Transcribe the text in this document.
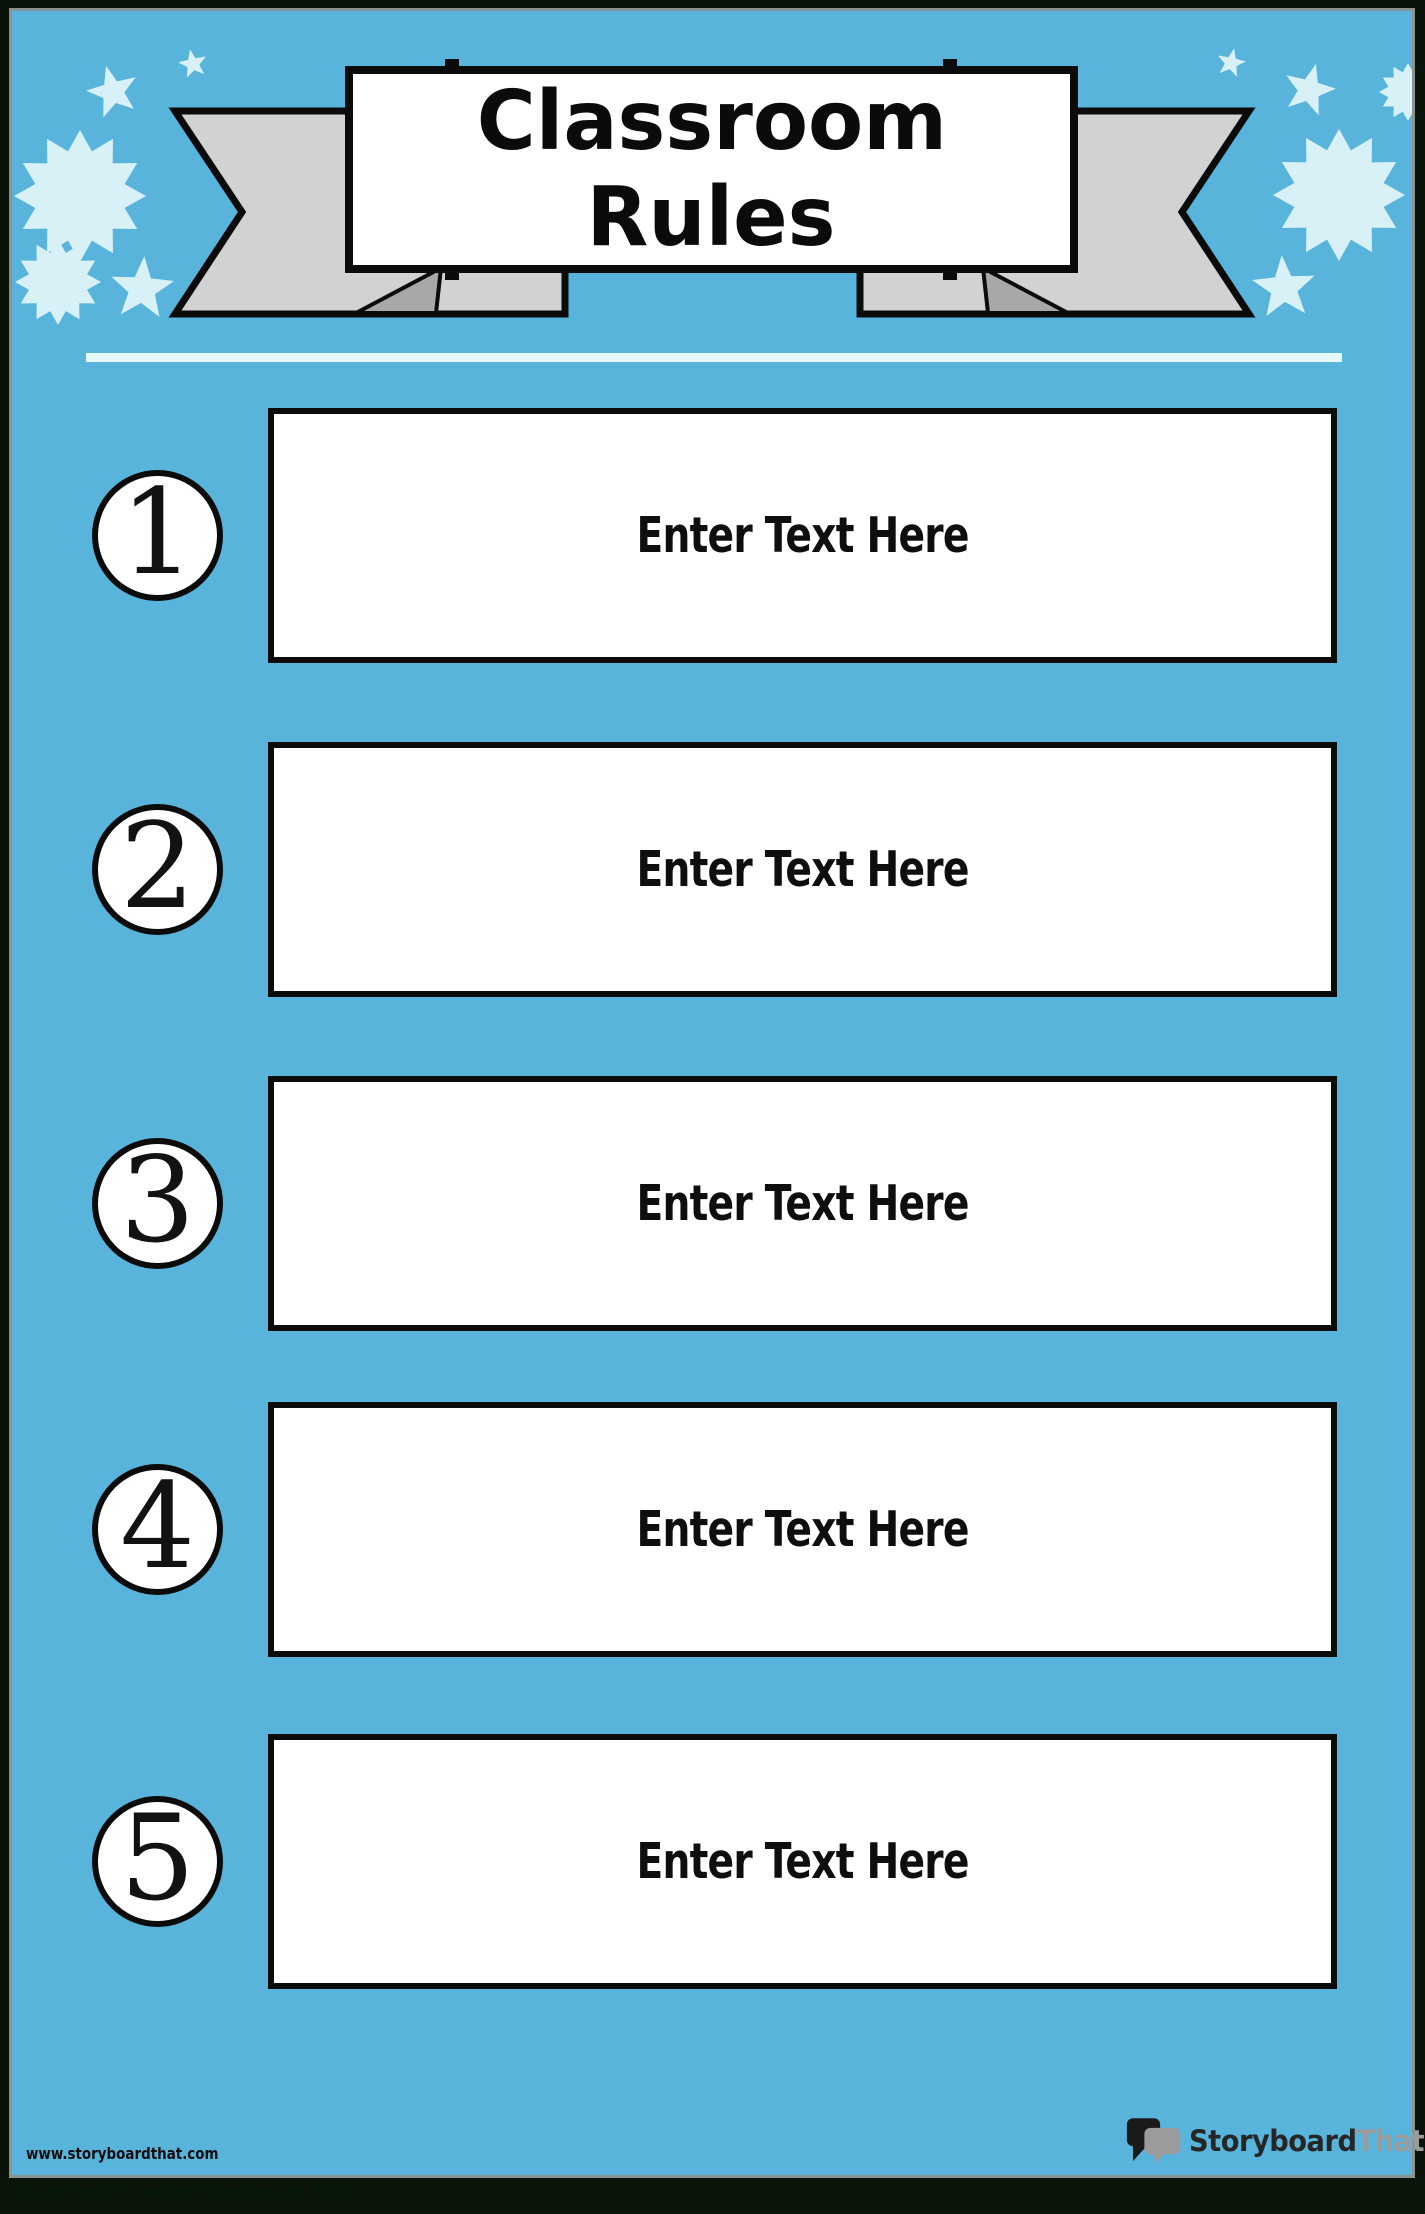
Classroom
Rules
1	Enter Text Here
2	Enter Text Here
3	Enter Text Here
4	Enter Text Here
5	Enter Text Here
www.storyboardthat.com	StoryboardThat
Create your own at Storyboard That
